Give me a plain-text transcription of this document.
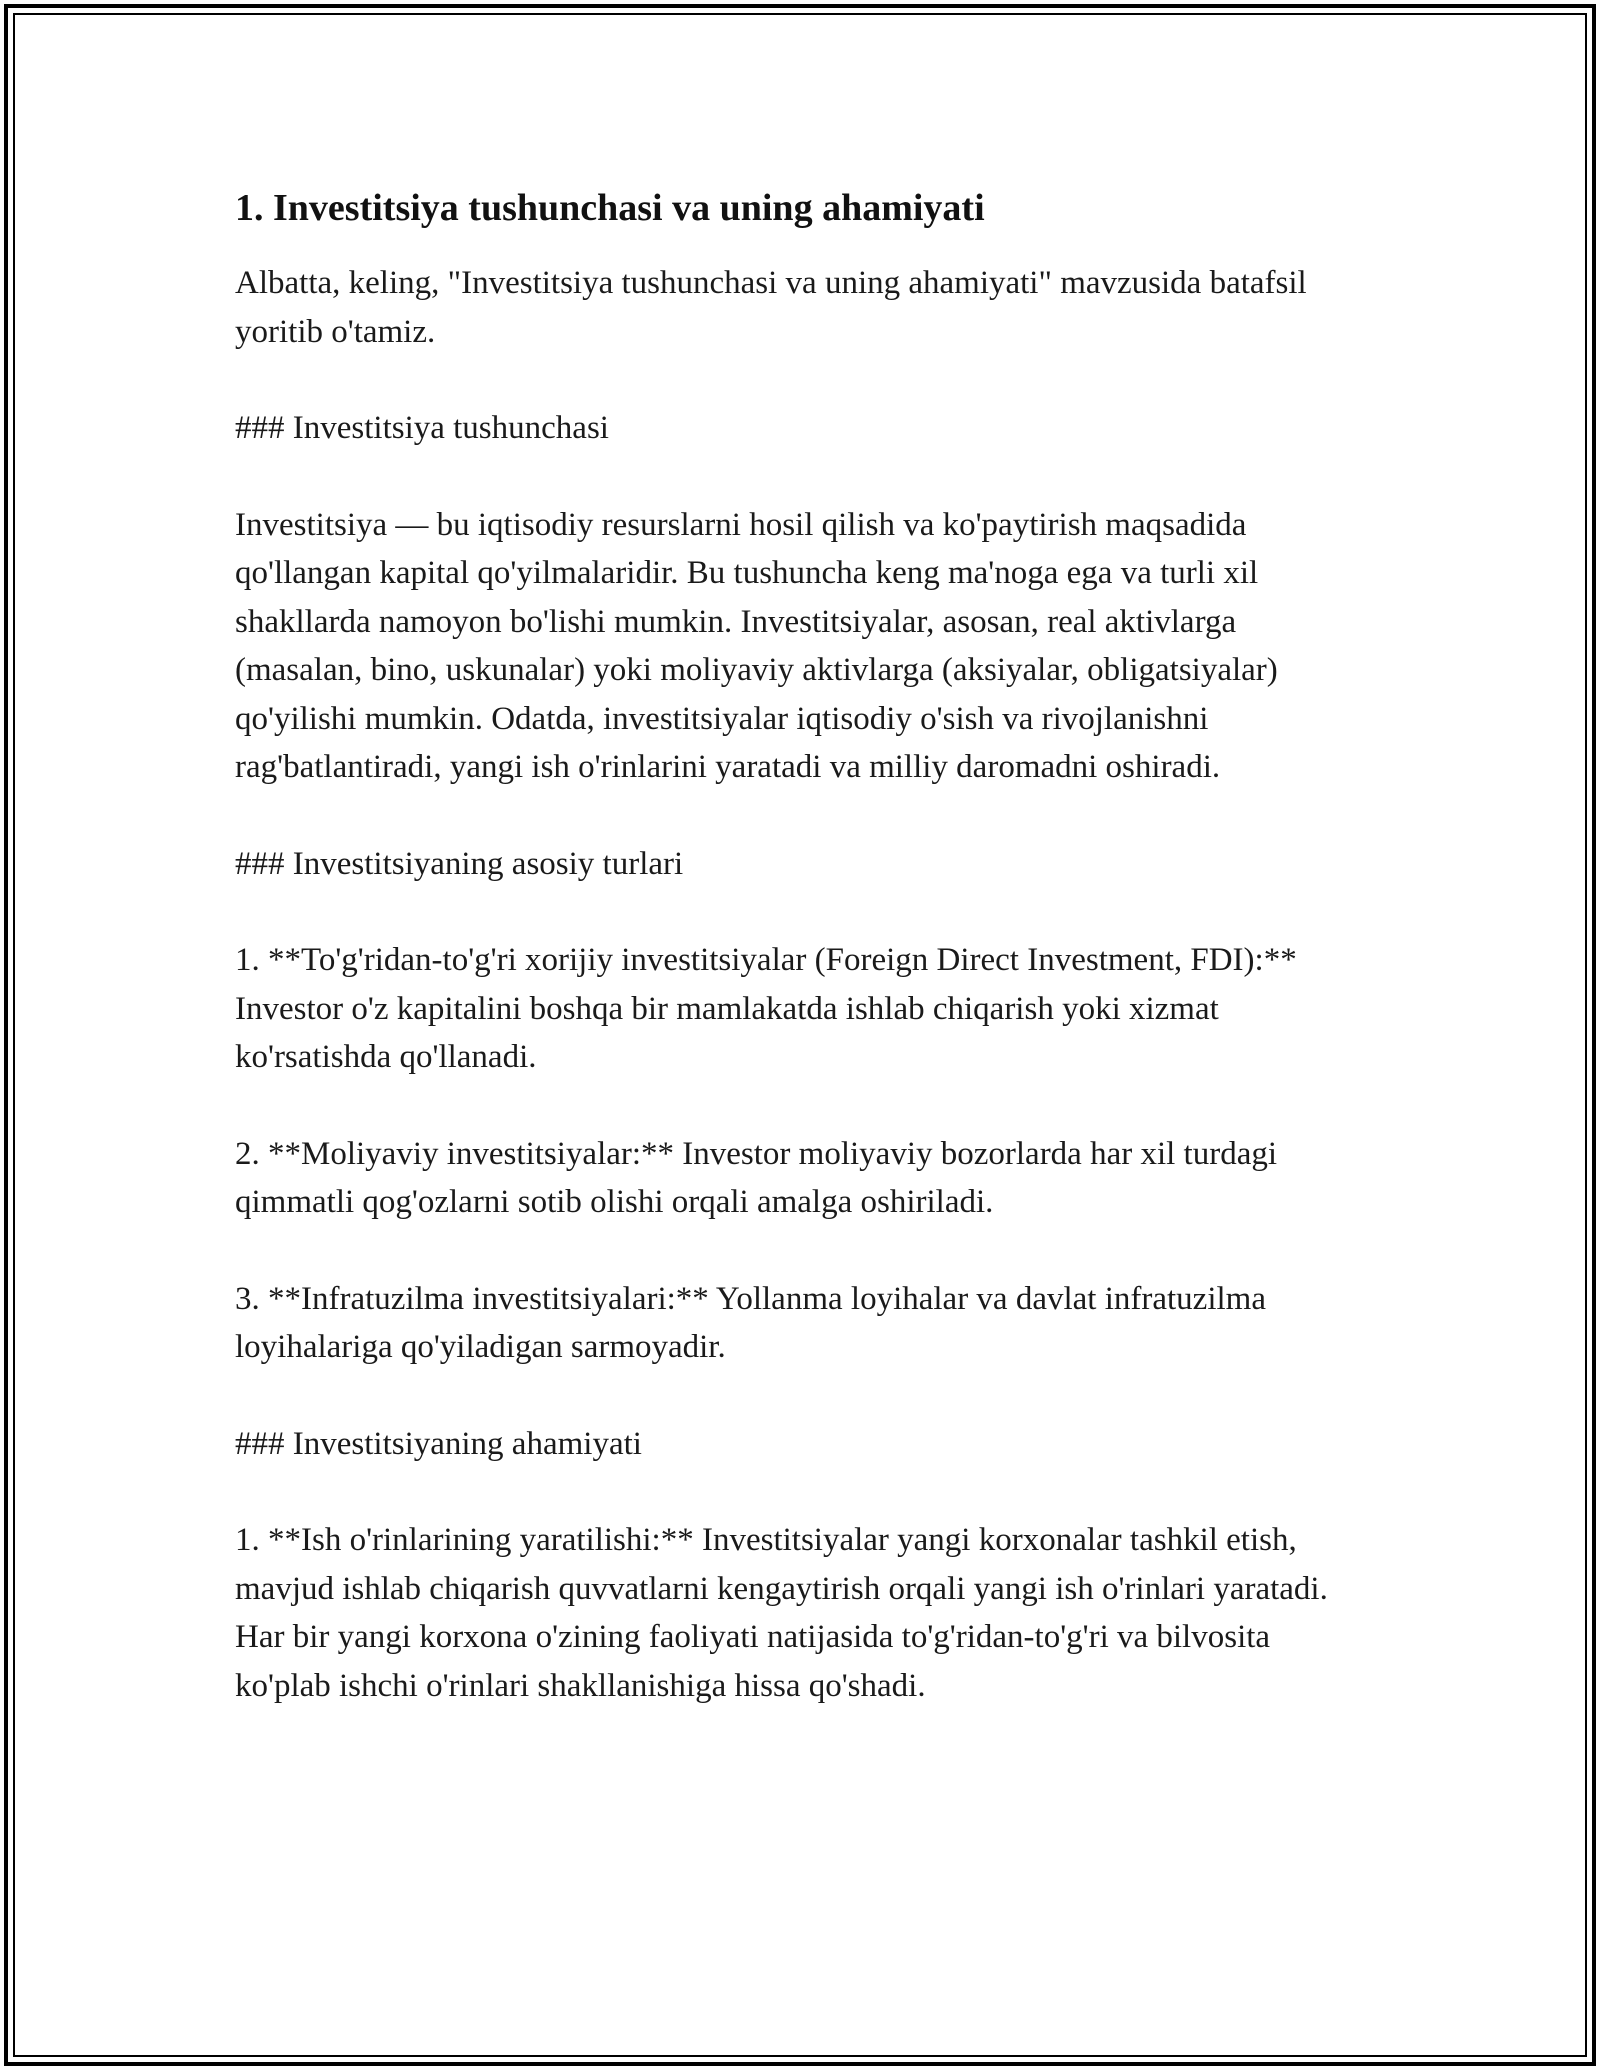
1. Investitsiya tushunchasi va uning ahamiyati

Albatta, keling, "Investitsiya tushunchasi va uning ahamiyati" mavzusida batafsil yoritib o'tamiz.

### Investitsiya tushunchasi

Investitsiya — bu iqtisodiy resurslarni hosil qilish va ko'paytirish maqsadida qo'llangan kapital qo'yilmalaridir. Bu tushuncha keng ma'noga ega va turli xil shakllarda namoyon bo'lishi mumkin. Investitsiyalar, asosan, real aktivlarga (masalan, bino, uskunalar) yoki moliyaviy aktivlarga (aksiyalar, obligatsiyalar) qo'yilishi mumkin. Odatda, investitsiyalar iqtisodiy o'sish va rivojlanishni rag'batlantiradi, yangi ish o'rinlarini yaratadi va milliy daromadni oshiradi.

### Investitsiyaning asosiy turlari

1. **To'g'ridan-to'g'ri xorijiy investitsiyalar (Foreign Direct Investment, FDI):** Investor o'z kapitalini boshqa bir mamlakatda ishlab chiqarish yoki xizmat ko'rsatishda qo'llanadi.

2. **Moliyaviy investitsiyalar:** Investor moliyaviy bozorlarda har xil turdagi qimmatli qog'ozlarni sotib olishi orqali amalga oshiriladi.

3. **Infratuzilma investitsiyalari:** Yollanma loyihalar va davlat infratuzilma loyihalariga qo'yiladigan sarmoyadir.

### Investitsiyaning ahamiyati

1. **Ish o'rinlarining yaratilishi:** Investitsiyalar yangi korxonalar tashkil etish, mavjud ishlab chiqarish quvvatlarni kengaytirish orqali yangi ish o'rinlari yaratadi. Har bir yangi korxona o'zining faoliyati natijasida to'g'ridan-to'g'ri va bilvosita ko'plab ishchi o'rinlari shakllanishiga hissa qo'shadi.
